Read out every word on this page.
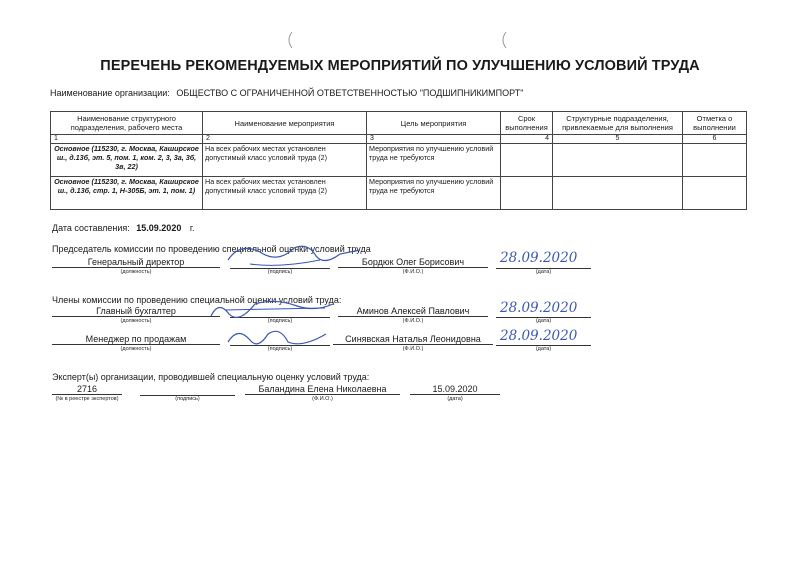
ПЕРЕЧЕНЬ РЕКОМЕНДУЕМЫХ МЕРОПРИЯТИЙ ПО УЛУЧШЕНИЮ УСЛОВИЙ ТРУДА
Наименование организации: ОБЩЕСТВО С ОГРАНИЧЕННОЙ ОТВЕТСТВЕННОСТЬЮ "ПОДШИПНИКИМПОРТ"
Наименование структурного подразделения, рабочего места	Наименование мероприятия	Цель мероприятия	Срок выполнения	Структурные подразделения, привлекаемые для выполнения	Отметка о выполнении
1	2	3	4	5	6
Основное (115230, г. Москва, Каширское ш., д.13б, эт. 5, пом. 1, ком. 2, 3, 3а, 3б, 3в, 22)	На всех рабочих местах установлен допустимый класс условий труда (2)	Мероприятия по улучшению условий труда не требуются			
Основное (115230, г. Москва, Каширское ш., д.13б, стр. 1, Н-305Б, эт. 1, пом. 1)	На всех рабочих местах установлен допустимый класс условий труда (2)	Мероприятия по улучшению условий труда не требуются			
Дата составления: 15.09.2020 г.
Председатель комиссии по проведению специальной оценки условий труда
Генеральный директор	Бордюк Олег Борисович	28.09.2020
(должность)	(подпись)	(Ф.И.О.)	(дата)
Члены комиссии по проведению специальной оценки условий труда:
Главный бухгалтер	Аминов Алексей Павлович	28.09.2020
(должность)	(подпись)	(Ф.И.О.)	(дата)
Менеджер по продажам	Синявская Наталья Леонидовна	28.09.2020
(должность)	(подпись)	(Ф.И.О.)	(дата)
Эксперт(ы) организации, проводившей специальную оценку условий труда:
2716	Баландина Елена Николаевна	15.09.2020
(№ в реестре экспертов)	(подпись)	(Ф.И.О.)	(дата)
